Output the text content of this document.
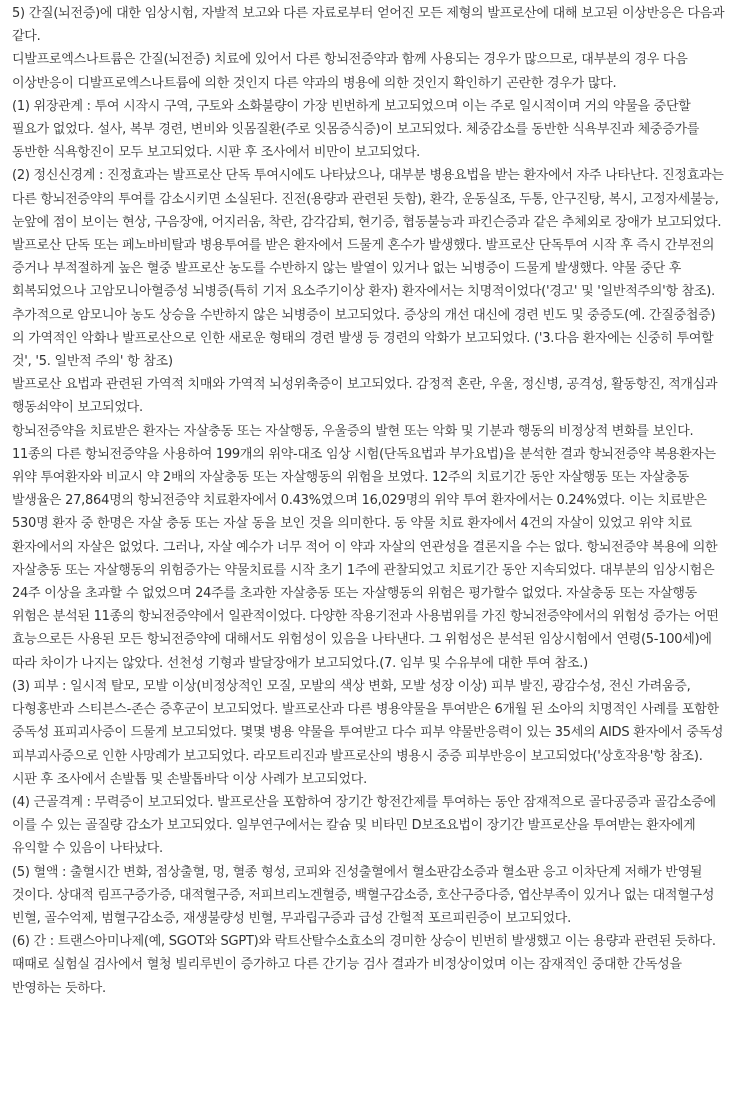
5) 간질(뇌전증)에 대한 임상시험, 자발적 보고와 다른 자료로부터 얻어진 모든 제형의 발프로산에 대해 보고된 이상반응은 다음과 같다.

디발프로엑스나트륨은 간질(뇌전증) 치료에 있어서 다른 항뇌전증약과 함께 사용되는 경우가 많으므로, 대부분의 경우 다음 이상반응이 디발프로엑스나트륨에 의한 것인지 다른 약과의 병용에 의한 것인지 확인하기 곤란한 경우가 많다.

(1) 위장관계 : 투여 시작시 구역, 구토와 소화불량이 가장 빈번하게 보고되었으며 이는 주로 일시적이며 거의 약물을 중단할 필요가 없었다. 설사, 복부 경련, 변비와 잇몸질환(주로 잇몸증식증)이 보고되었다. 체중감소를 동반한 식욕부진과 체중증가를 동반한 식욕항진이 모두 보고되었다. 시판 후 조사에서 비만이 보고되었다.

(2) 정신신경계 : 진정효과는 발프로산 단독 투여시에도 나타났으나, 대부분 병용요법을 받는 환자에서 자주 나타난다. 진정효과는 다른 항뇌전증약의 투여를 감소시키면 소실된다. 진전(용량과 관련된 듯함), 환각, 운동실조, 두통, 안구진탕, 복시, 고정자세불능, 눈앞에 점이 보이는 현상, 구음장애, 어지러움, 착란, 감각감퇴, 현기증, 협동불능과 파킨슨증과 같은 추체외로 장애가 보고되었다. 발프로산 단독 또는 페노바비탈과 병용투여를 받은 환자에서 드물게 혼수가 발생했다. 발프로산 단독투여 시작 후 즉시 간부전의 증거나 부적절하게 높은 혈중 발프로산 농도를 수반하지 않는 발열이 있거나 없는 뇌병증이 드물게 발생했다. 약물 중단 후 회복되었으나 고암모니아혈증성 뇌병증(특히 기저 요소주기이상 환자) 환자에서는 치명적이었다('경고' 및 '일반적주의'항 참조). 추가적으로 암모니아 농도 상승을 수반하지 않은 뇌병증이 보고되었다. 증상의 개선 대신에 경련 빈도 및 중증도(예. 간질중첩증)의 가역적인 악화나 발프로산으로 인한 새로운 형태의 경련 발생 등 경련의 악화가 보고되었다. ('3.다음 환자에는 신중히 투여할 것', '5. 일반적 주의' 항 참조)

발프로산 요법과 관련된 가역적 치매와 가역적 뇌성위축증이 보고되었다. 감정적 혼란, 우울, 정신병, 공격성, 활동항진, 적개심과 행동쇠약이 보고되었다.

항뇌전증약을 치료받은 환자는 자살충동 또는 자살행동, 우울증의 발현 또는 악화 및 기분과 행동의 비정상적 변화를 보인다. 11종의 다른 항뇌전증약을 사용하여 199개의 위약-대조 임상 시험(단독요법과 부가요법)을 분석한 결과 항뇌전증약 복용환자는 위약 투여환자와 비교시 약 2배의 자살충동 또는 자살행동의 위험을 보였다. 12주의 치료기간 동안 자살행동 또는 자살충동 발생율은 27,864명의 항뇌전증약 치료환자에서 0.43%였으며 16,029명의 위약 투여 환자에서는 0.24%였다. 이는 치료받은 530명 환자 중 한명은 자살 충동 또는 자살 동을 보인 것을 의미한다. 동 약물 치료 환자에서 4건의 자살이 있었고 위약 치료 환자에서의 자살은 없었다. 그러나, 자살 예수가 너무 적어 이 약과 자살의 연관성을 결론지을 수는 없다. 항뇌전증약 복용에 의한 자살충동 또는 자살행동의 위험증가는 약물치료를 시작 초기 1주에 관찰되었고 치료기간 동안 지속되었다. 대부분의 임상시험은 24주 이상을 초과할 수 없었으며 24주를 초과한 자살충동 또는 자살행동의 위험은 평가할수 없었다. 자살충동 또는 자살행동 위험은 분석된 11종의 항뇌전증약에서 일관적이었다. 다양한 작용기전과 사용범위를 가진 항뇌전증약에서의 위험성 증가는 어떤 효능으로든 사용된 모든 항뇌전증약에 대해서도 위험성이 있음을 나타낸다. 그 위험성은 분석된 임상시험에서 연령(5-100세)에 따라 차이가 나지는 않았다. 선천성 기형과 발달장애가 보고되었다.(7. 임부 및 수유부에 대한 투여 참조.)

(3) 피부 : 일시적 탈모, 모발 이상(비정상적인 모질, 모발의 색상 변화, 모발 성장 이상) 피부 발진, 광감수성, 전신 가려움증, 다형홍반과 스티븐스-존슨 증후군이 보고되었다. 발프로산과 다른 병용약물을 투여받은 6개월 된 소아의 치명적인 사례를 포함한 중독성 표피괴사증이 드물게 보고되었다. 몇몇 병용 약물을 투여받고 다수 피부 약물반응력이 있는 35세의 AIDS 환자에서 중독성 피부괴사증으로 인한 사망례가 보고되었다. 라모트리진과 발프로산의 병용시 중증 피부반응이 보고되었다('상호작용'항 참조). 시판 후 조사에서 손발톱 및 손발톱바닥 이상 사례가 보고되었다.

(4) 근골격계 : 무력증이 보고되었다. 발프로산을 포함하여 장기간 항전간제를 투여하는 동안 잠재적으로 골다공증과 골감소증에 이를 수 있는 골질량 감소가 보고되었다. 일부연구에서는 칼슘 및 비타민 D보조요법이 장기간 발프로산을 투여받는 환자에게 유익할 수 있음이 나타났다.

(5) 혈액 : 출혈시간 변화, 점상출혈, 멍, 혈종 형성, 코피와 진성출혈에서 혈소판감소증과 혈소판 응고 이차단계 저해가 반영될 것이다. 상대적 림프구증가증, 대적혈구증, 저피브리노겐혈증, 백혈구감소증, 호산구증다증, 엽산부족이 있거나 없는 대적혈구성 빈혈, 골수억제, 범혈구감소증, 재생불량성 빈혈, 무과립구증과 급성 간헐적 포르피린증이 보고되었다.

(6) 간 : 트랜스아미나제(예, SGOT와 SGPT)와 락트산탈수소효소의 경미한 상승이 빈번히 발생했고 이는 용량과 관련된 듯하다. 때때로 실험실 검사에서 혈청 빌리루빈이 증가하고 다른 간기능 검사 결과가 비정상이었며 이는 잠재적인 중대한 간독성을 반영하는 듯하다.
